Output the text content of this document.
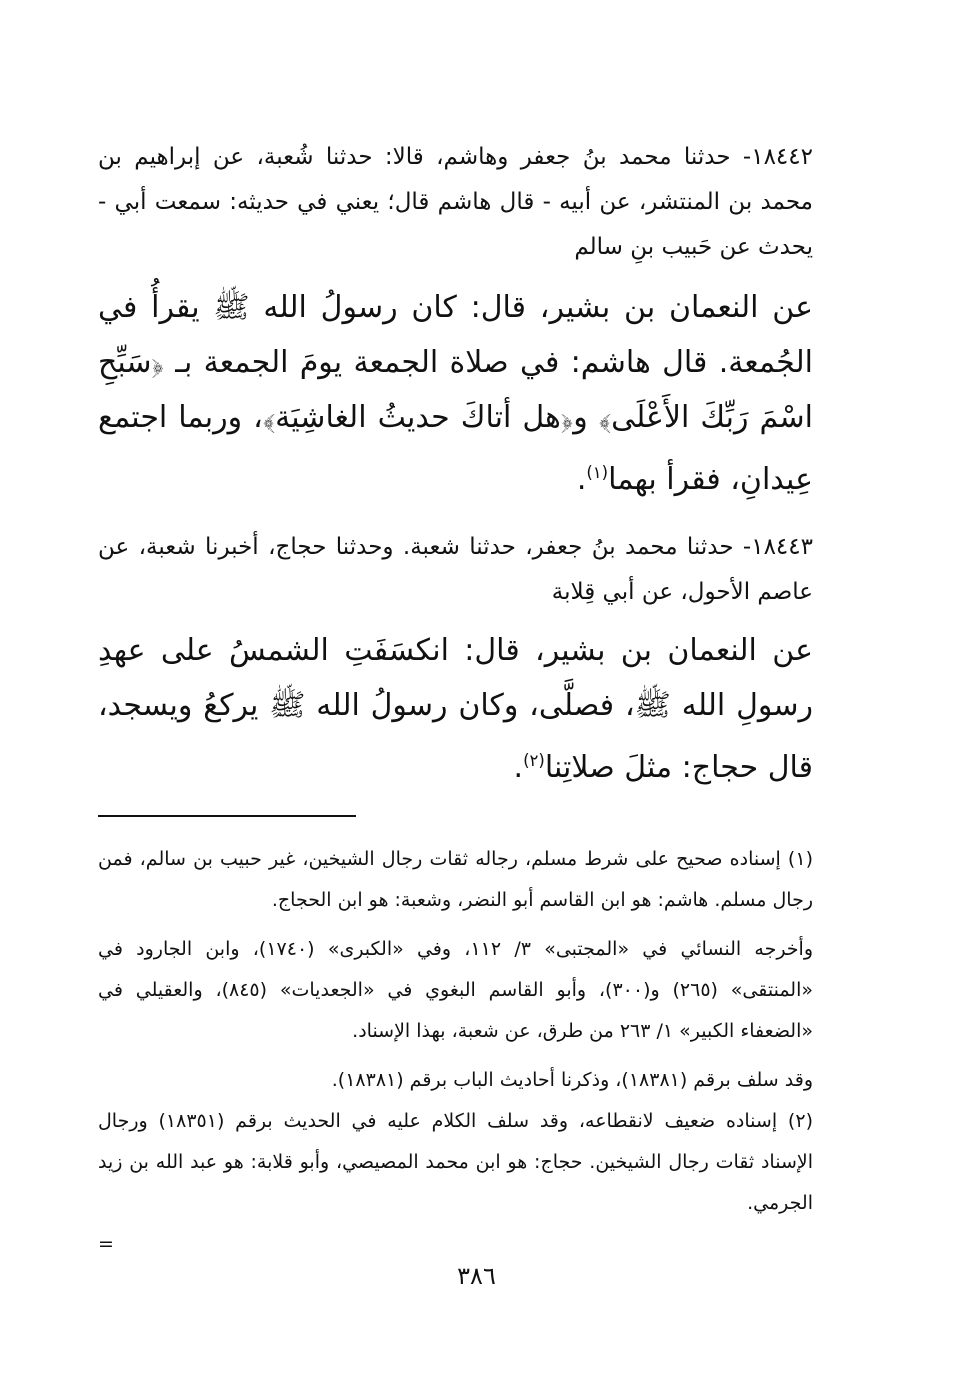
١٨٤٤٢- حدثنا محمد بنُ جعفر وهاشم، قالا: حدثنا شُعبة، عن إبراهيم بن محمد بن المنتشر، عن أبيه - قال هاشم قال؛ يعني في حديثه: سمعت أبي - يحدث عن حَبيب بنِ سالم

عن النعمان بن بشير، قال: كان رسولُ الله ﷺ يقرأُ في الجُمعة. قال هاشم: في صلاة الجمعة يومَ الجمعة بـ ﴿سَبِّحِ اسْمَ رَبِّكَ الأَعْلَى﴾ و﴿هل أتاكَ حديثُ الغاشِيَة﴾، وربما اجتمع عِيدانِ، فقرأ بهما$^{(١)}$.

١٨٤٤٣- حدثنا محمد بنُ جعفر، حدثنا شعبة. وحدثنا حجاج، أخبرنا شعبة، عن عاصم الأحول، عن أبي قِلابة

عن النعمان بن بشير، قال: انكسَفَتِ الشمسُ على عهدِ رسولِ الله ﷺ، فصلَّى، وكان رسولُ الله ﷺ يركعُ ويسجد، قال حجاج: مثلَ صلاتِنا$^{(٢)}$.

(١) إسناده صحيح على شرط مسلم، رجاله ثقات رجال الشيخين، غير حبيب بن سالم، فمن رجال مسلم. هاشم: هو ابن القاسم أبو النضر، وشعبة: هو ابن الحجاج.

وأخرجه النسائي في «المجتبى» ٣/ ١١٢، وفي «الكبرى» (١٧٤٠)، وابن الجارود في «المنتقى» (٢٦٥) و(٣٠٠)، وأبو القاسم البغوي في «الجعديات» (٨٤٥)، والعقيلي في «الضعفاء الكبير» ١/ ٢٦٣ من طرق، عن شعبة، بهذا الإسناد.

وقد سلف برقم (١٨٣٨١)، وذكرنا أحاديث الباب برقم (١٨٣٨١).

(٢) إسناده ضعيف لانقطاعه، وقد سلف الكلام عليه في الحديث برقم (١٨٣٥١) ورجال الإسناد ثقات رجال الشيخين. حجاج: هو ابن محمد المصيصي، وأبو قلابة: هو عبد الله بن زيد الجرمي.

=

٣٨٦
